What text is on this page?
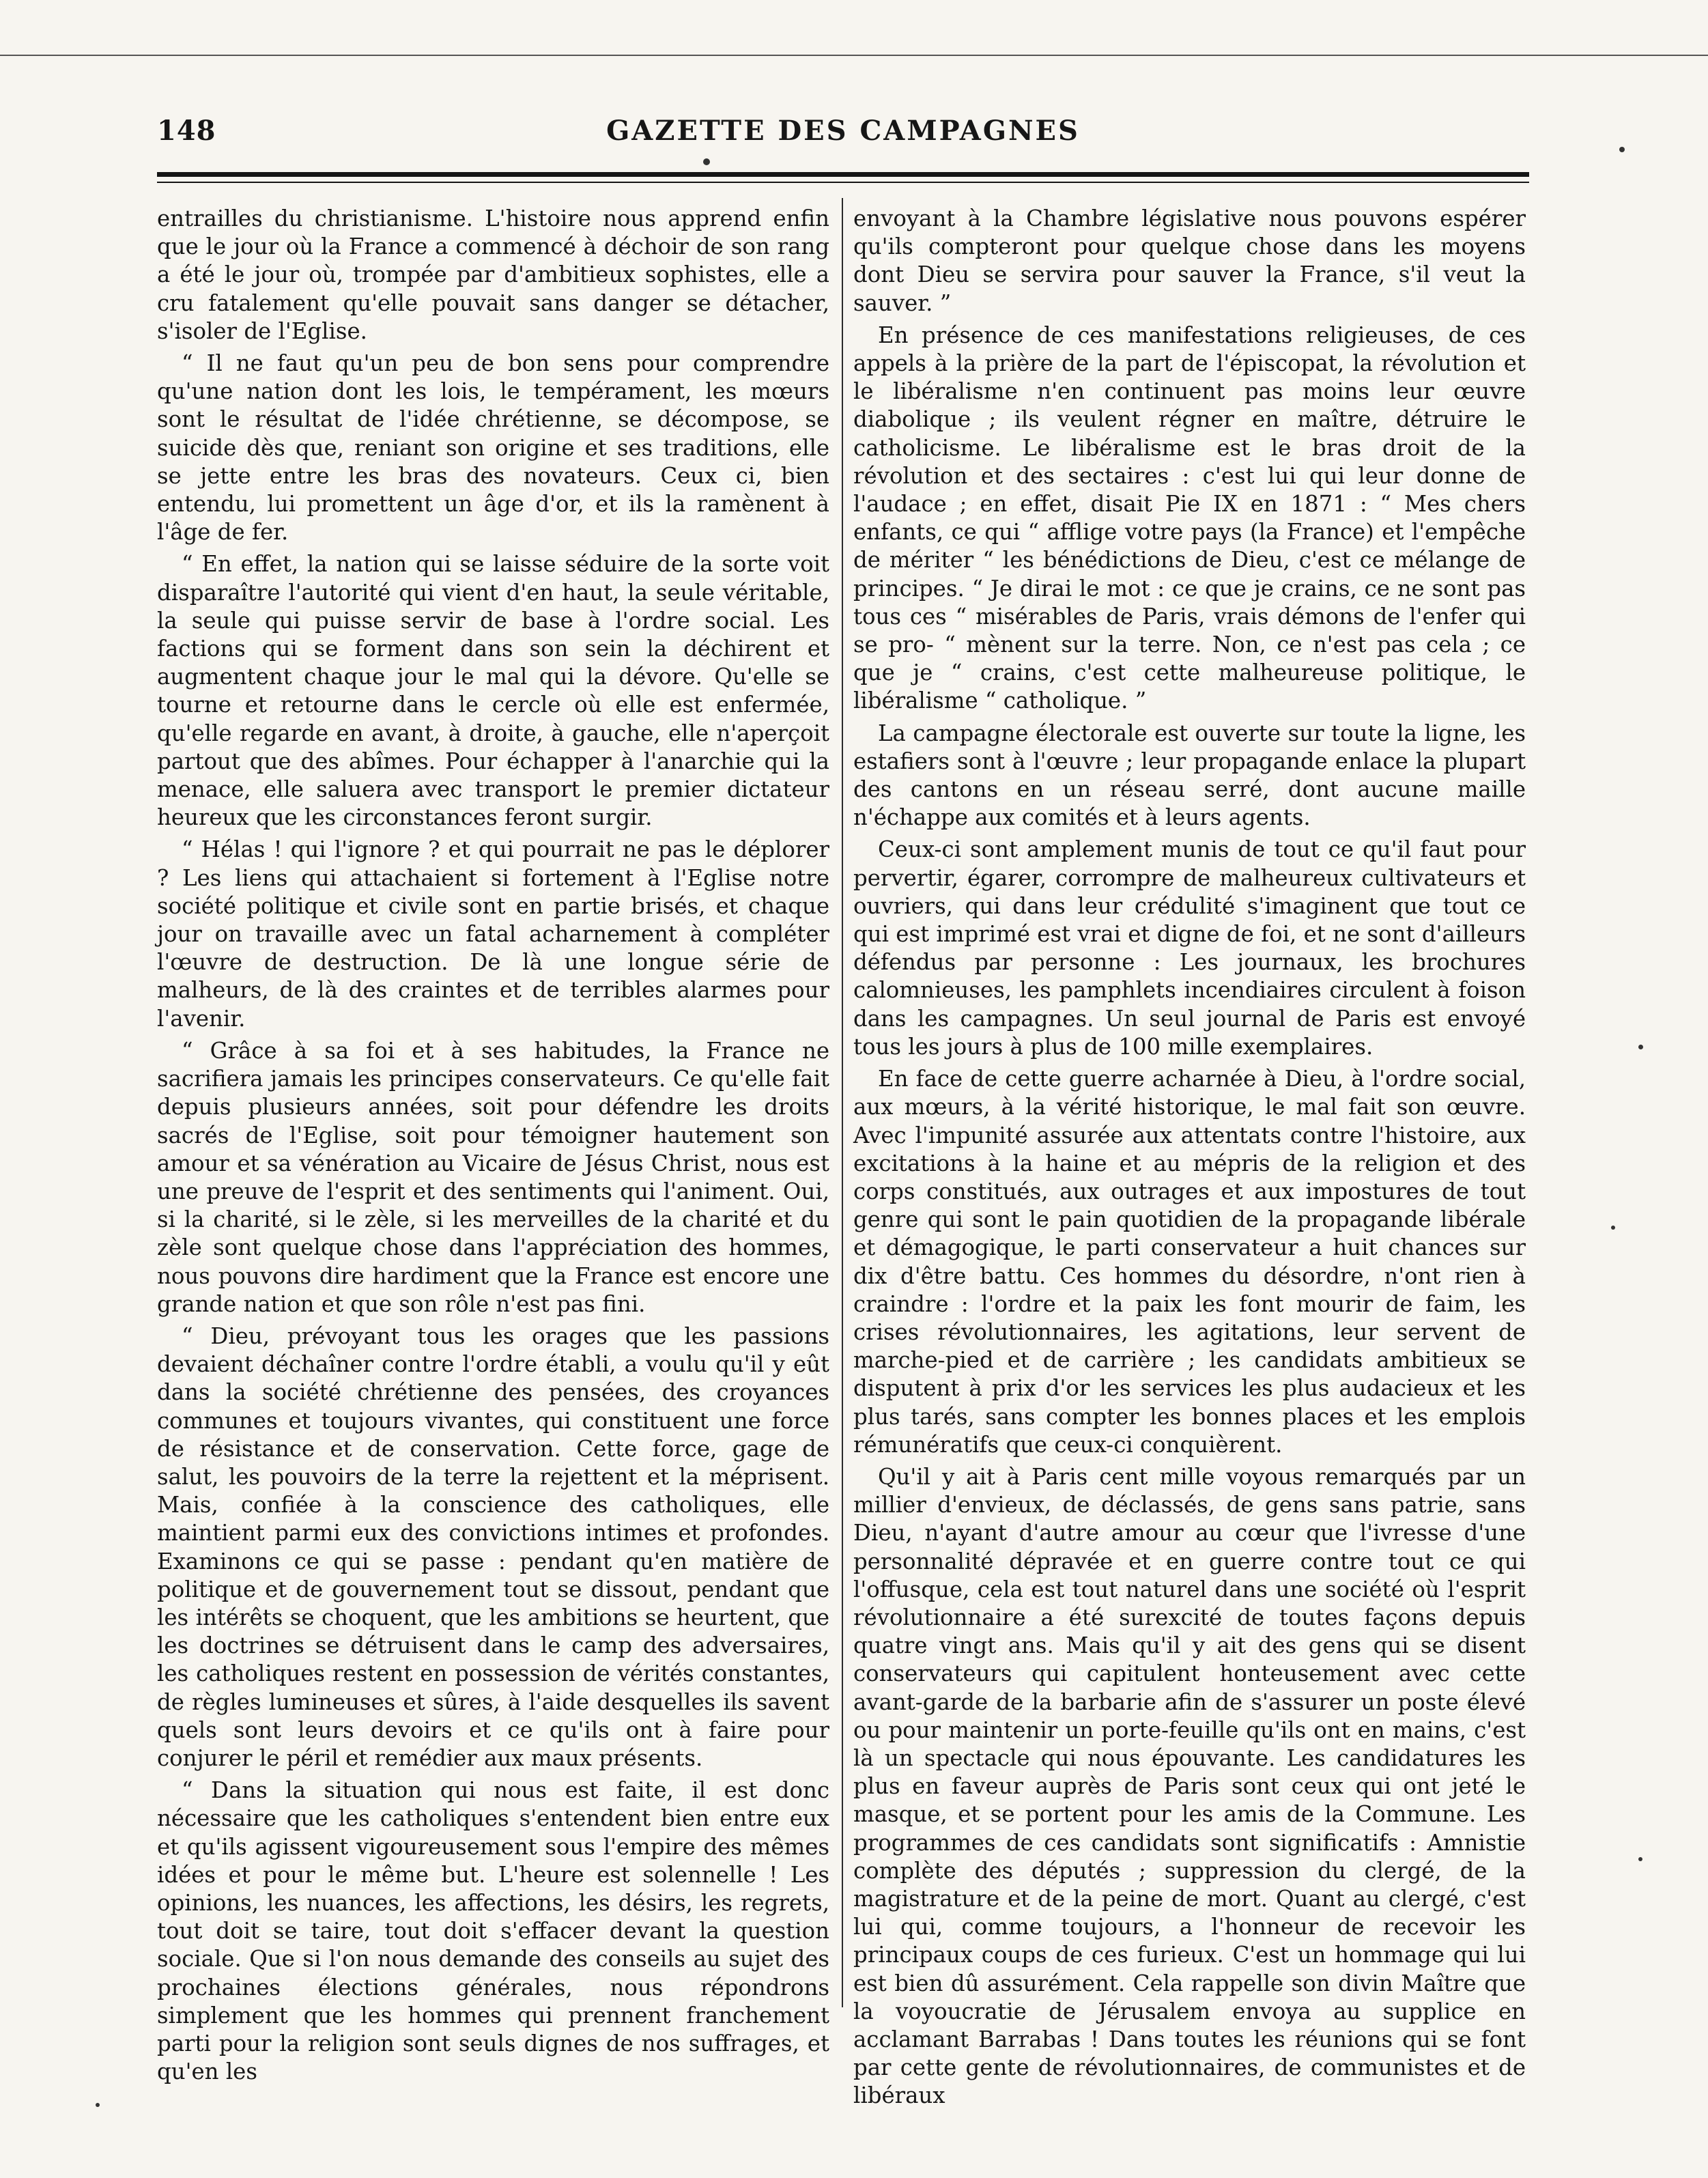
148	GAZETTE DES CAMPAGNES

entrailles du christianisme. L'histoire nous apprend enfin que le jour où la France a commencé à déchoir de son rang a été le jour où, trompée par d'ambitieux sophistes, elle a cru fatalement qu'elle pouvait sans danger se détacher, s'isoler de l'Eglise.

“ Il ne faut qu'un peu de bon sens pour comprendre qu'une nation dont les lois, le tempérament, les mœurs sont le résultat de l'idée chrétienne, se décompose, se suicide dès que, reniant son origine et ses traditions, elle se jette entre les bras des novateurs. Ceux ci, bien entendu, lui promettent un âge d'or, et ils la ramènent à l'âge de fer.

“ En effet, la nation qui se laisse séduire de la sorte voit disparaître l'autorité qui vient d'en haut, la seule véritable, la seule qui puisse servir de base à l'ordre social. Les factions qui se forment dans son sein la déchirent et augmentent chaque jour le mal qui la dévore. Qu'elle se tourne et retourne dans le cercle où elle est enfermée, qu'elle regarde en avant, à droite, à gauche, elle n'aperçoit partout que des abîmes. Pour échapper à l'anarchie qui la menace, elle saluera avec transport le premier dictateur heureux que les circonstances feront surgir.

“ Hélas ! qui l'ignore ? et qui pourrait ne pas le déplorer ? Les liens qui attachaient si fortement à l'Eglise notre société politique et civile sont en partie brisés, et chaque jour on travaille avec un fatal acharnement à compléter l'œuvre de destruction. De là une longue série de malheurs, de là des craintes et de terribles alarmes pour l'avenir.

“ Grâce à sa foi et à ses habitudes, la France ne sacrifiera jamais les principes conservateurs. Ce qu'elle fait depuis plusieurs années, soit pour défendre les droits sacrés de l'Eglise, soit pour témoigner hautement son amour et sa vénération au Vicaire de Jésus Christ, nous est une preuve de l'esprit et des sentiments qui l'animent. Oui, si la charité, si le zèle, si les merveilles de la charité et du zèle sont quelque chose dans l'appréciation des hommes, nous pouvons dire hardiment que la France est encore une grande nation et que son rôle n'est pas fini.

“ Dieu, prévoyant tous les orages que les passions devaient déchaîner contre l'ordre établi, a voulu qu'il y eût dans la société chrétienne des pensées, des croyances communes et toujours vivantes, qui constituent une force de résistance et de conservation. Cette force, gage de salut, les pouvoirs de la terre la rejettent et la méprisent. Mais, confiée à la conscience des catholiques, elle maintient parmi eux des convictions intimes et profondes. Examinons ce qui se passe : pendant qu'en matière de politique et de gouvernement tout se dissout, pendant que les intérêts se choquent, que les ambitions se heurtent, que les doctrines se détruisent dans le camp des adversaires, les catholiques restent en possession de vérités constantes, de règles lumineuses et sûres, à l'aide desquelles ils savent quels sont leurs devoirs et ce qu'ils ont à faire pour conjurer le péril et remédier aux maux présents.

“ Dans la situation qui nous est faite, il est donc nécessaire que les catholiques s'entendent bien entre eux et qu'ils agissent vigoureusement sous l'empire des mêmes idées et pour le même but. L'heure est solennelle ! Les opinions, les nuances, les affections, les désirs, les regrets, tout doit se taire, tout doit s'effacer devant la question sociale. Que si l'on nous demande des conseils au sujet des prochaines élections générales, nous répondrons simplement que les hommes qui prennent franchement parti pour la religion sont seuls dignes de nos suffrages, et qu'en les

envoyant à la Chambre législative nous pouvons espérer qu'ils compteront pour quelque chose dans les moyens dont Dieu se servira pour sauver la France, s'il veut la sauver. ”

En présence de ces manifestations religieuses, de ces appels à la prière de la part de l'épiscopat, la révolution et le libéralisme n'en continuent pas moins leur œuvre diabolique ; ils veulent régner en maître, détruire le catholicisme. Le libéralisme est le bras droit de la révolution et des sectaires : c'est lui qui leur donne de l'audace ; en effet, disait Pie IX en 1871 : “ Mes chers enfants, ce qui “ afflige votre pays (la France) et l'empêche de mériter “ les bénédictions de Dieu, c'est ce mélange de principes. “ Je dirai le mot : ce que je crains, ce ne sont pas tous ces “ misérables de Paris, vrais démons de l'enfer qui se pro- “ mènent sur la terre. Non, ce n'est pas cela ; ce que je “ crains, c'est cette malheureuse politique, le libéralisme “ catholique. ”

La campagne électorale est ouverte sur toute la ligne, les estafiers sont à l'œuvre ; leur propagande enlace la plupart des cantons en un réseau serré, dont aucune maille n'échappe aux comités et à leurs agents.

Ceux-ci sont amplement munis de tout ce qu'il faut pour pervertir, égarer, corrompre de malheureux cultivateurs et ouvriers, qui dans leur crédulité s'imaginent que tout ce qui est imprimé est vrai et digne de foi, et ne sont d'ailleurs défendus par personne : Les journaux, les brochures calomnieuses, les pamphlets incendiaires circulent à foison dans les campagnes. Un seul journal de Paris est envoyé tous les jours à plus de 100 mille exemplaires.

En face de cette guerre acharnée à Dieu, à l'ordre social, aux mœurs, à la vérité historique, le mal fait son œuvre. Avec l'impunité assurée aux attentats contre l'histoire, aux excitations à la haine et au mépris de la religion et des corps constitués, aux outrages et aux impostures de tout genre qui sont le pain quotidien de la propagande libérale et démagogique, le parti conservateur a huit chances sur dix d'être battu. Ces hommes du désordre, n'ont rien à craindre : l'ordre et la paix les font mourir de faim, les crises révolutionnaires, les agitations, leur servent de marche-pied et de carrière ; les candidats ambitieux se disputent à prix d'or les services les plus audacieux et les plus tarés, sans compter les bonnes places et les emplois rémunératifs que ceux-ci conquièrent.

Qu'il y ait à Paris cent mille voyous remarqués par un millier d'envieux, de déclassés, de gens sans patrie, sans Dieu, n'ayant d'autre amour au cœur que l'ivresse d'une personnalité dépravée et en guerre contre tout ce qui l'offusque, cela est tout naturel dans une société où l'esprit révolutionnaire a été surexcité de toutes façons depuis quatre vingt ans. Mais qu'il y ait des gens qui se disent conservateurs qui capitulent honteusement avec cette avant-garde de la barbarie afin de s'assurer un poste élevé ou pour maintenir un porte-feuille qu'ils ont en mains, c'est là un spectacle qui nous épouvante. Les candidatures les plus en faveur auprès de Paris sont ceux qui ont jeté le masque, et se portent pour les amis de la Commune. Les programmes de ces candidats sont significatifs : Amnistie complète des députés ; suppression du clergé, de la magistrature et de la peine de mort. Quant au clergé, c'est lui qui, comme toujours, a l'honneur de recevoir les principaux coups de ces furieux. C'est un hommage qui lui est bien dû assurément. Cela rappelle son divin Maître que la voyoucratie de Jérusalem envoya au supplice en acclamant Barrabas ! Dans toutes les réunions qui se font par cette gente de révolutionnaires, de communistes et de libéraux
